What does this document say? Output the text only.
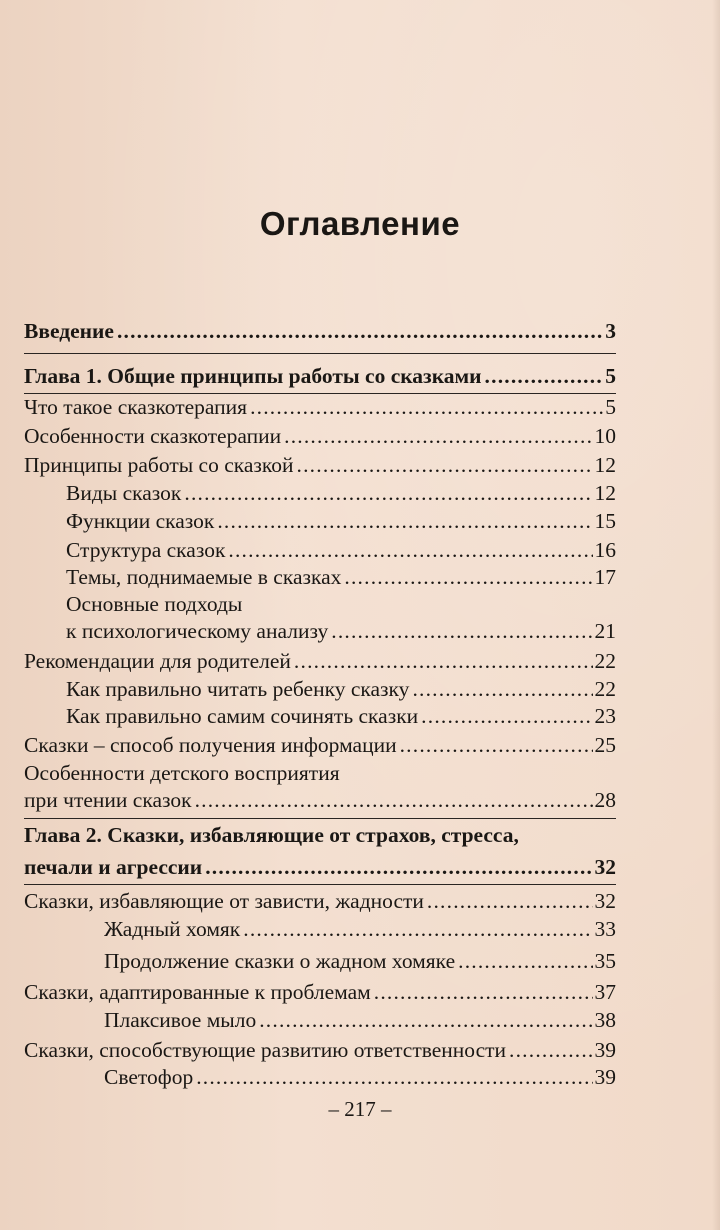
Оглавление
Введение .....	3
Глава 1. Общие принципы работы со сказками .....	5
Что такое сказкотерапия .....	5
Особенности сказкотерапии .....	10
Принципы работы со сказкой .....	12
Виды сказок .....	12
Функции сказок .....	15
Структура сказок .....	16
Темы, поднимаемые в сказках .....	17
Основные подходы
к психологическому анализу .....	21
Рекомендации для родителей .....	22
Как правильно читать ребенку сказку .....	22
Как правильно самим сочинять сказки .....	23
Сказки – способ получения информации .....	25
Особенности детского восприятия
при чтении сказок .....	28
Глава 2. Сказки, избавляющие от страхов, стресса,
печали и агрессии .....	32
Сказки, избавляющие от зависти, жадности .....	32
Жадный хомяк .....	33
Продолжение сказки о жадном хомяке .....	35
Сказки, адаптированные к проблемам .....	37
Плаксивое мыло .....	38
Сказки, способствующие развитию ответственности .....	39
Светофор .....	39
– 217 –
